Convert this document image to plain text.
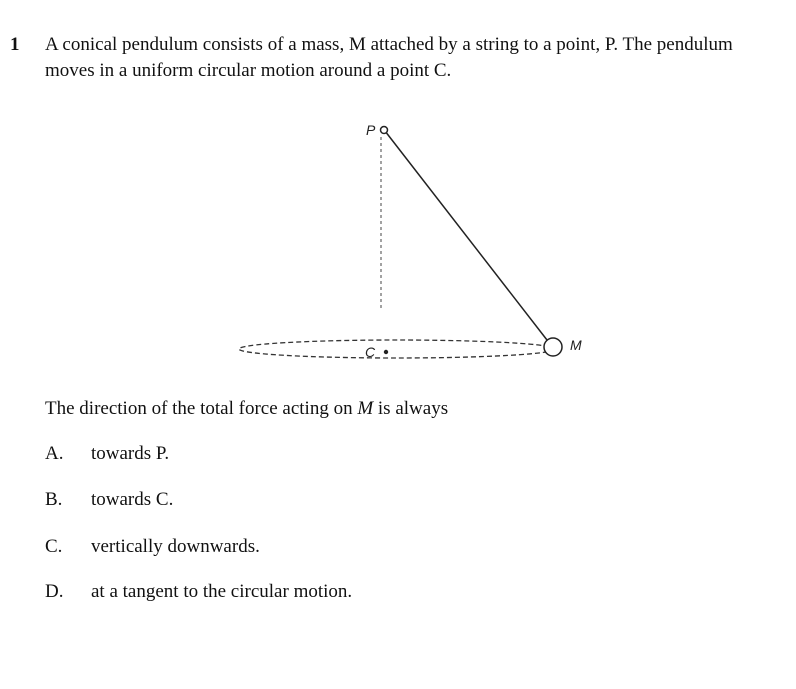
1 A conical pendulum consists of a mass, M attached by a string to a point, P. The pendulum
moves in a uniform circular motion around a point C.

P
C	M

The direction of the total force acting on M is always

A.	towards P.
B.	towards C.
C.	vertically downwards.
D.	at a tangent to the circular motion.
